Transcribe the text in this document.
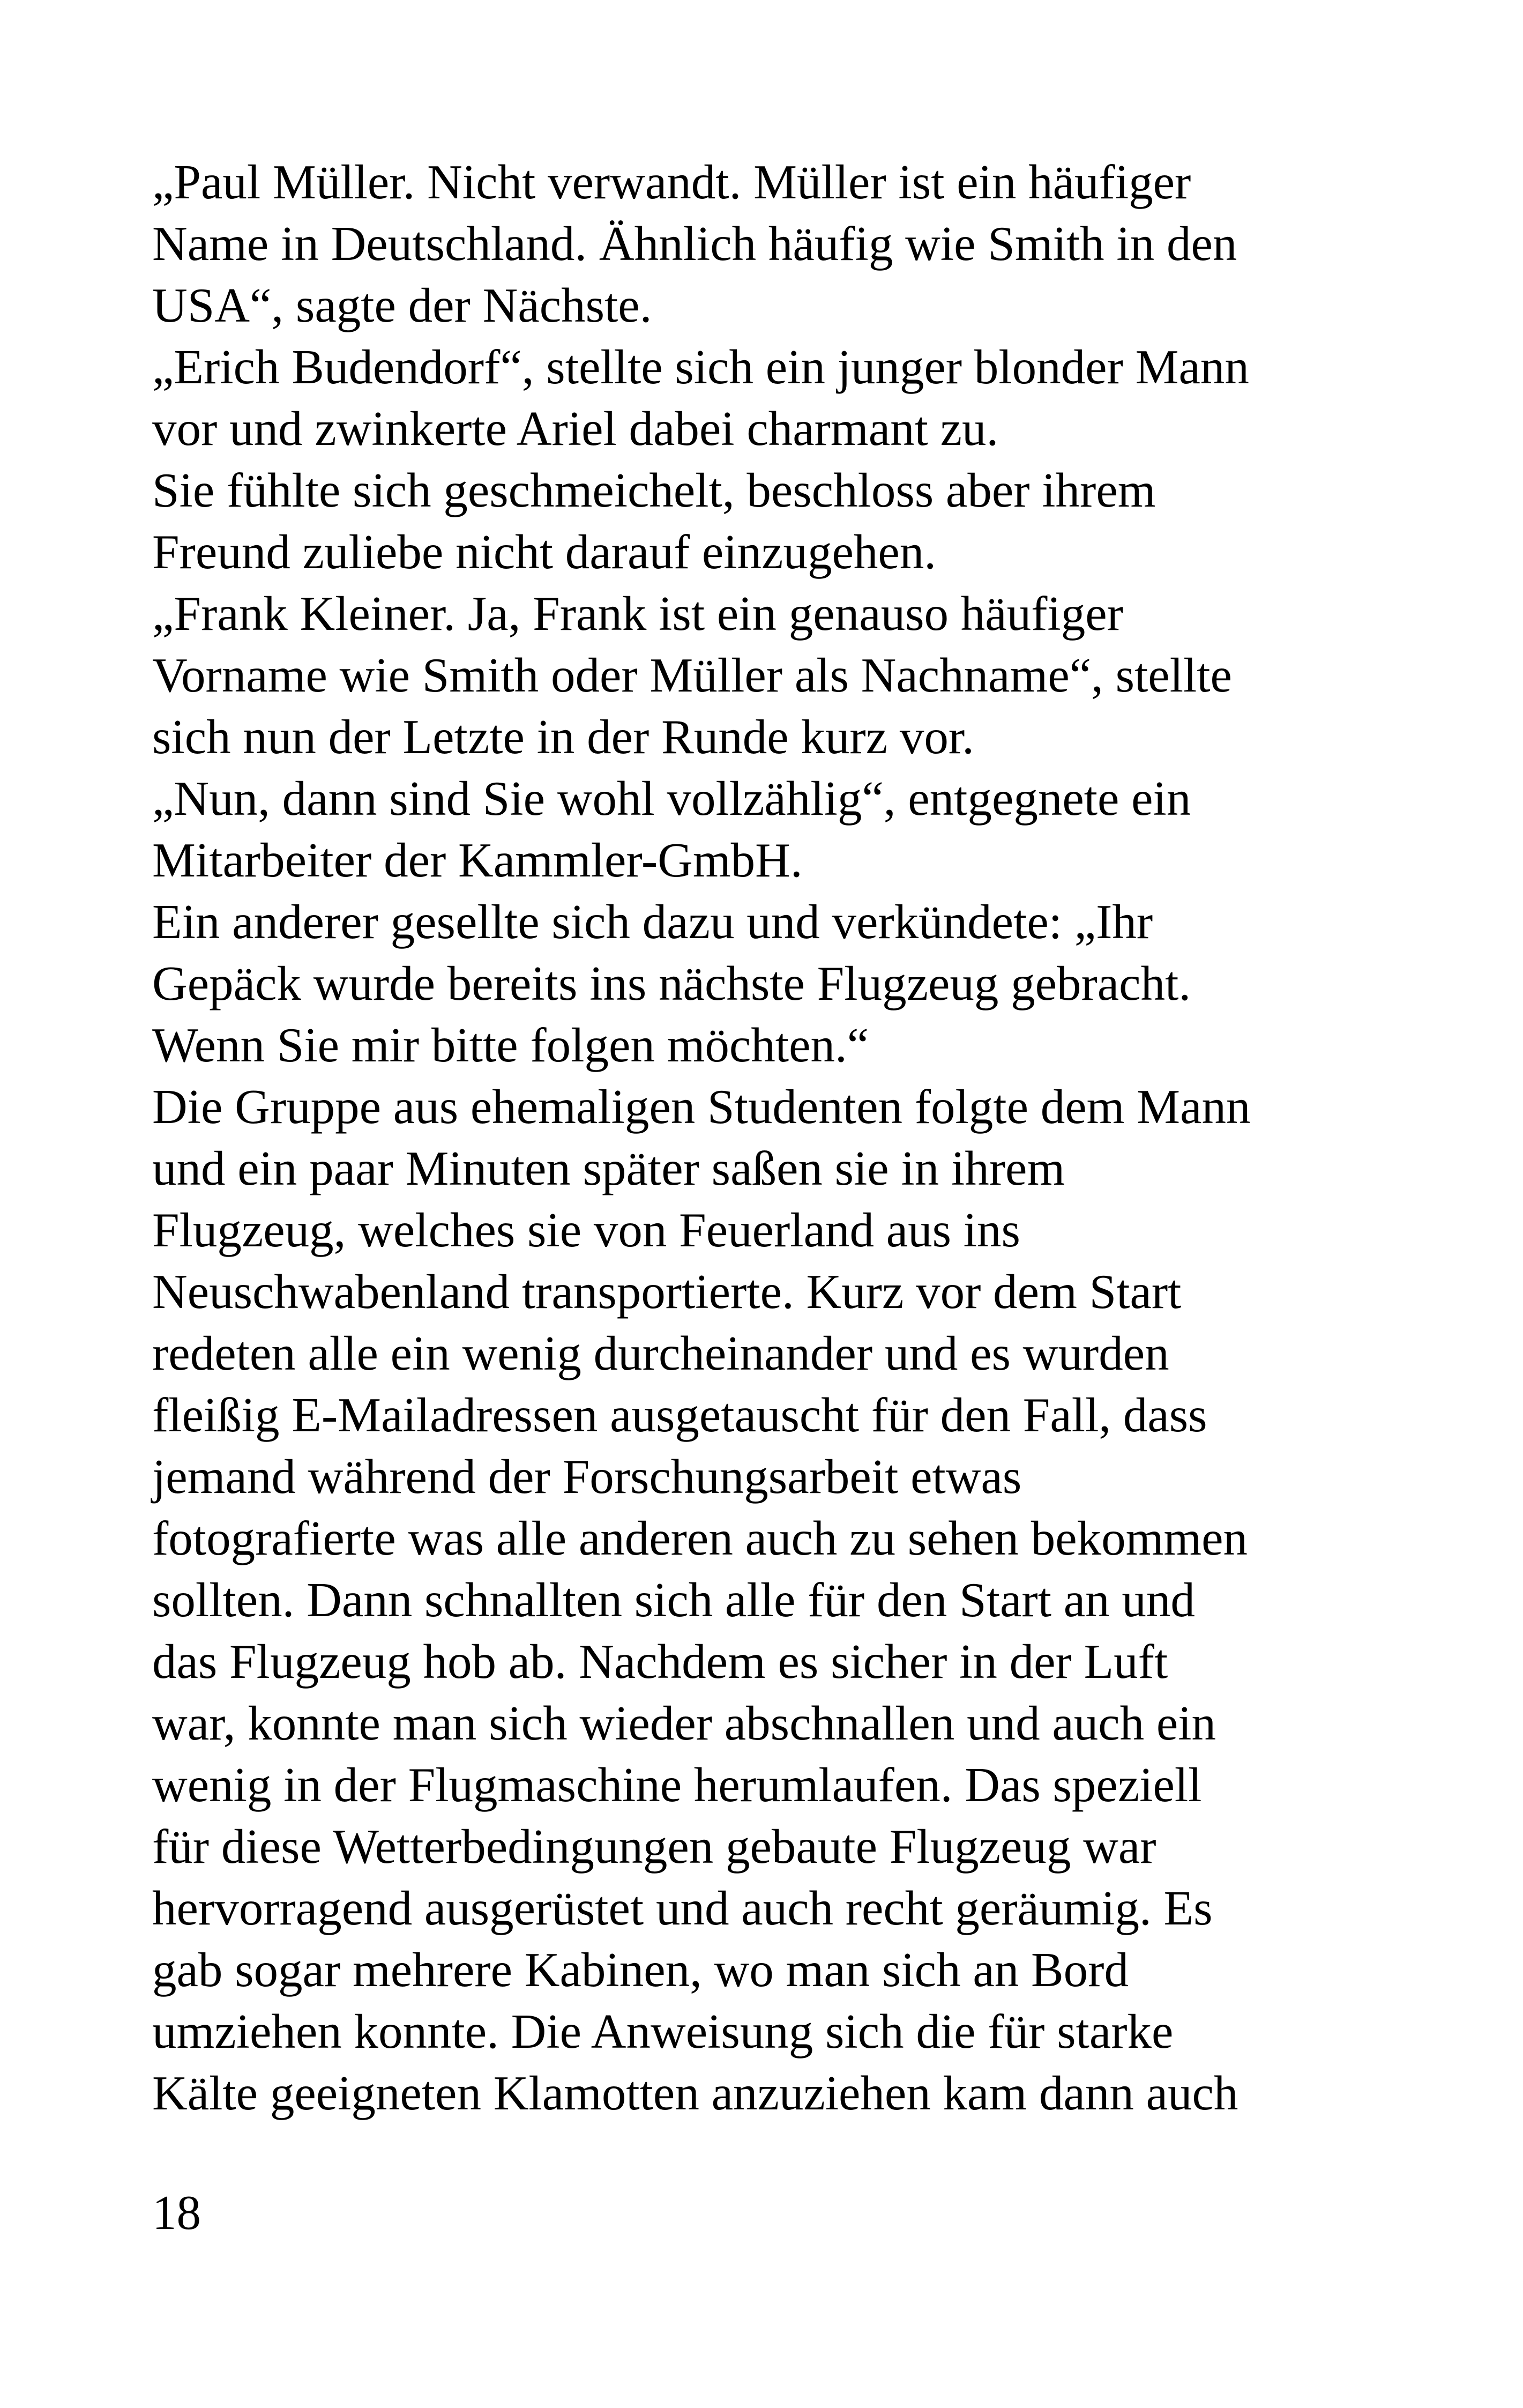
„Paul Müller. Nicht verwandt. Müller ist ein häufiger
Name in Deutschland. Ähnlich häufig wie Smith in den
USA“, sagte der Nächste.
„Erich Budendorf“, stellte sich ein junger blonder Mann
vor und zwinkerte Ariel dabei charmant zu.
Sie fühlte sich geschmeichelt, beschloss aber ihrem
Freund zuliebe nicht darauf einzugehen.
„Frank Kleiner. Ja, Frank ist ein genauso häufiger
Vorname wie Smith oder Müller als Nachname“, stellte
sich nun der Letzte in der Runde kurz vor.
„Nun, dann sind Sie wohl vollzählig“, entgegnete ein
Mitarbeiter der Kammler-GmbH.
Ein anderer gesellte sich dazu und verkündete: „Ihr
Gepäck wurde bereits ins nächste Flugzeug gebracht.
Wenn Sie mir bitte folgen möchten.“
Die Gruppe aus ehemaligen Studenten folgte dem Mann
und ein paar Minuten später saßen sie in ihrem
Flugzeug, welches sie von Feuerland aus ins
Neuschwabenland transportierte. Kurz vor dem Start
redeten alle ein wenig durcheinander und es wurden
fleißig E-Mailadressen ausgetauscht für den Fall, dass
jemand während der Forschungsarbeit etwas
fotografierte was alle anderen auch zu sehen bekommen
sollten. Dann schnallten sich alle für den Start an und
das Flugzeug hob ab. Nachdem es sicher in der Luft
war, konnte man sich wieder abschnallen und auch ein
wenig in der Flugmaschine herumlaufen. Das speziell
für diese Wetterbedingungen gebaute Flugzeug war
hervorragend ausgerüstet und auch recht geräumig. Es
gab sogar mehrere Kabinen, wo man sich an Bord
umziehen konnte. Die Anweisung sich die für starke
Kälte geeigneten Klamotten anzuziehen kam dann auch
18
